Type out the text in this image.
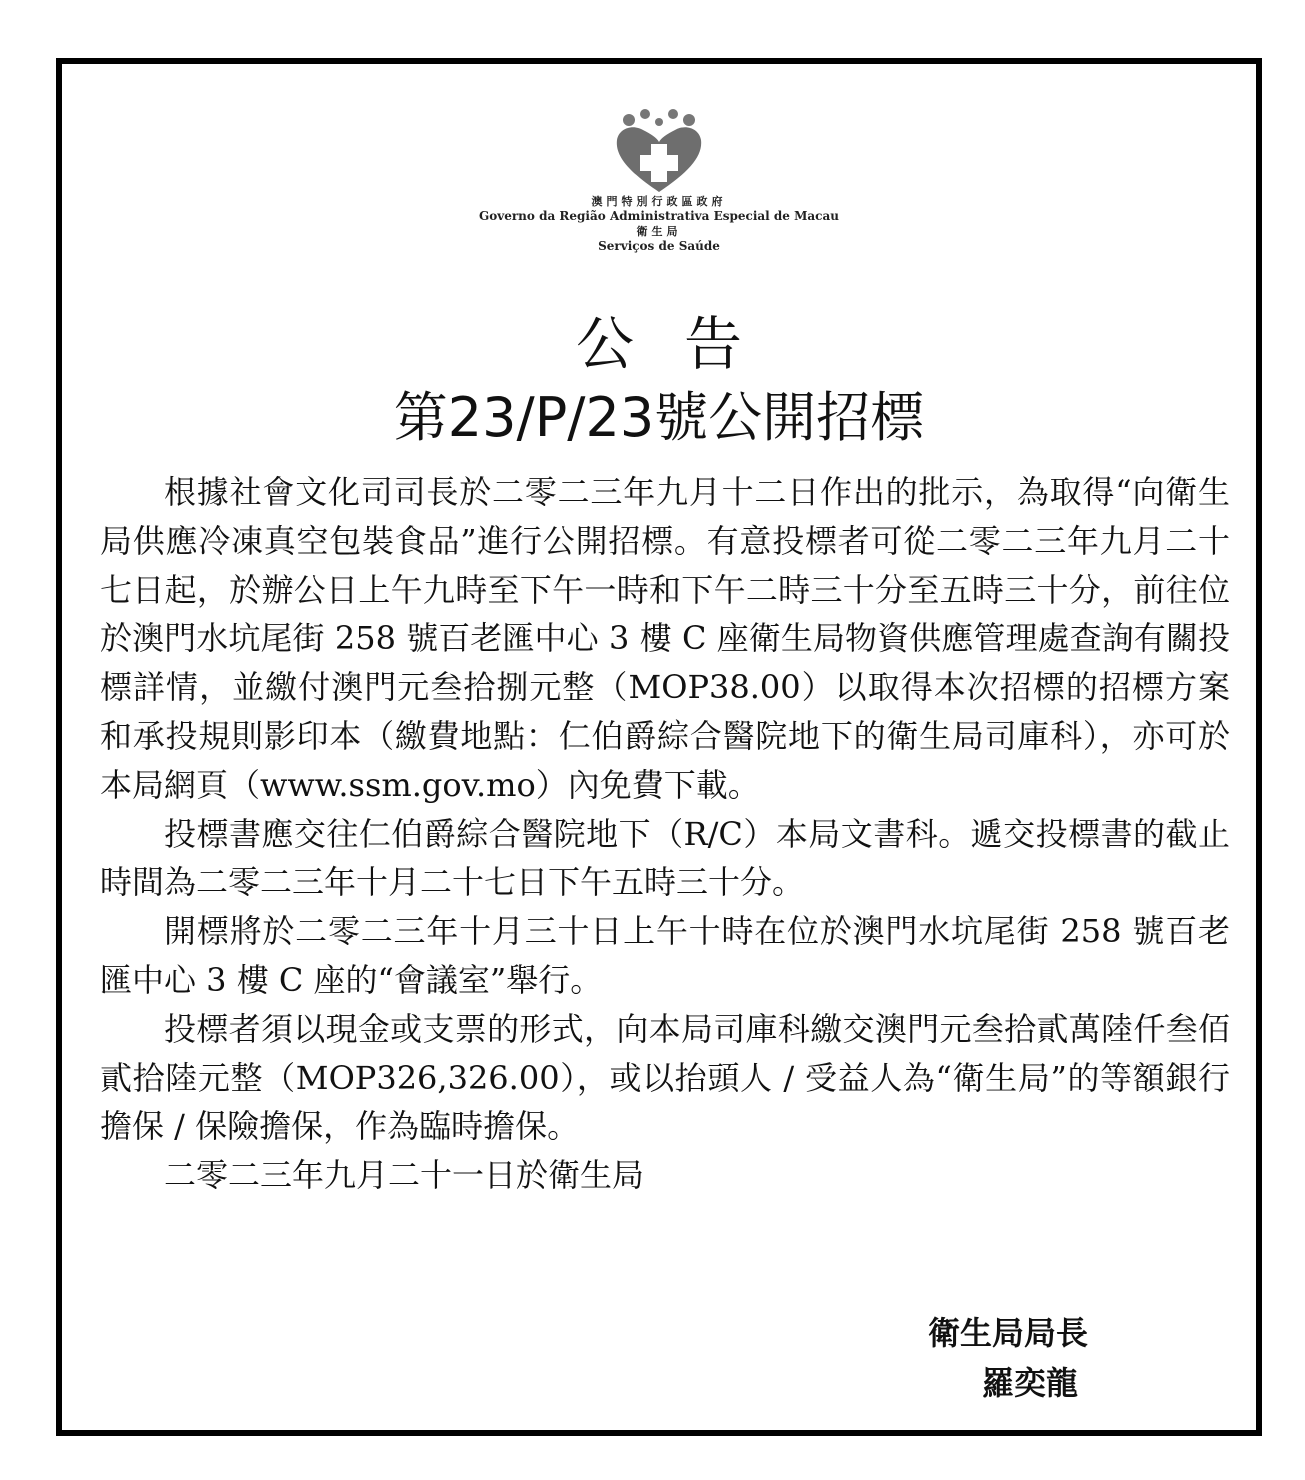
澳門特別行政區政府
Governo da Região Administrativa Especial de Macau
衛生局
Serviços de Saúde
公告
第23/P/23號公開招標

根據社會文化司司長於二零二三年九月十二日作出的批示，為取得“向衛生局供應冷凍真空包裝食品”進行公開招標。有意投標者可從二零二三年九月二十七日起，於辦公日上午九時至下午一時和下午二時三十分至五時三十分，前往位於澳門水坑尾街 258 號百老匯中心 3 樓 C 座衛生局物資供應管理處查詢有關投標詳情，並繳付澳門元叁拾捌元整（MOP38.00）以取得本次招標的招標方案和承投規則影印本（繳費地點：仁伯爵綜合醫院地下的衛生局司庫科），亦可於本局網頁（www.ssm.gov.mo）內免費下載。

投標書應交往仁伯爵綜合醫院地下（R/C）本局文書科。遞交投標書的截止時間為二零二三年十月二十七日下午五時三十分。

開標將於二零二三年十月三十日上午十時在位於澳門水坑尾街 258 號百老匯中心 3 樓 C 座的“會議室”舉行。

投標者須以現金或支票的形式，向本局司庫科繳交澳門元叁拾貳萬陸仟叁佰貳拾陸元整（MOP326,326.00），或以抬頭人 / 受益人為“衛生局”的等額銀行擔保 / 保險擔保，作為臨時擔保。

二零二三年九月二十一日於衛生局

衛生局局長
羅奕龍
